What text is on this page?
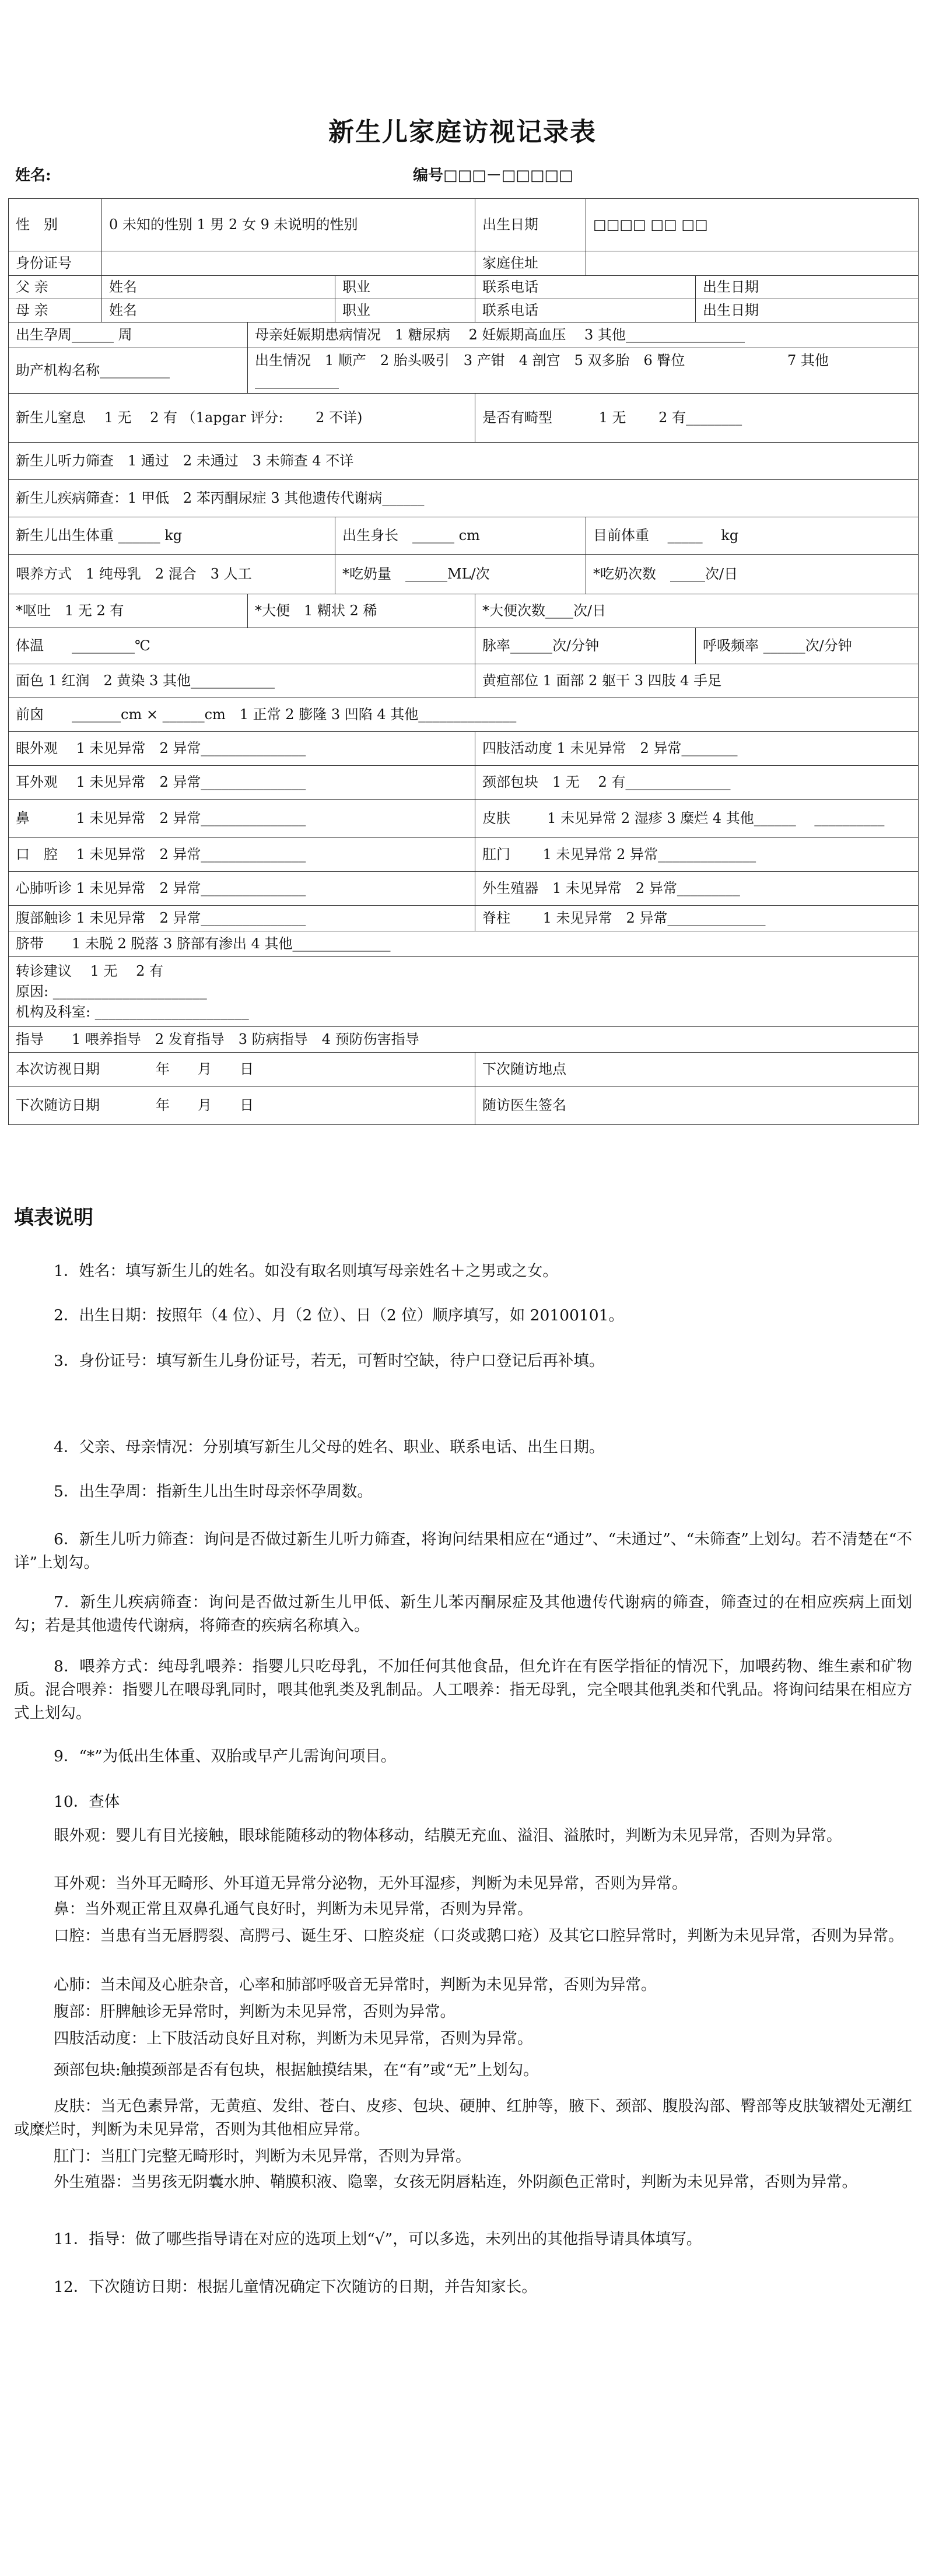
新生儿家庭访视记录表
姓名:	编号□□□－□□□□□
性　别	0 未知的性别 1 男 2 女 9 未说明的性别			出生日期	□□□□ □□ □□	
身份证号				家庭住址		
父 亲	姓名		职业	联系电话		出生日期
母 亲	姓名		职业	联系电话		出生日期
出生孕周______ 周		母亲妊娠期患病情况　1 糖尿病　 2 妊娠期高血压　 3 其他_________________				
助产机构名称__________		出生情况　1 顺产　2 胎头吸引　3 产钳　4 剖宫　5 双多胎　6 臀位 　　　　　　　7 其他____________				
新生儿窒息 　1 无 　2 有 （1apgar 评分: 　　2 不详)				是否有畸型　 　　1 无 　　2 有________		
新生儿听力筛查　1 通过　2 未通过　3 未筛查 4 不详						
新生儿疾病筛查：1 甲低　2 苯丙酮尿症 3 其他遗传代谢病______						
新生儿出生体重 ______ kg			出生身长　______ cm		目前体重 　_____　 kg	
喂养方式　1 纯母乳　2 混合　3 人工			*吃奶量　______ML/次		*吃奶次数　_____次/日	
*呕吐　1 无 2 有		*大便　1 糊状 2 稀		*大便次数____次/日		
体温　　_________℃				脉率______次/分钟		呼吸频率 ______次/分钟
面色 1 红润　2 黄染 3 其他____________				黄疸部位 1 面部 2 躯干 3 四肢 4 手足		
前囟　　_______cm × ______cm　1 正常 2 膨隆 3 凹陷 4 其他______________						
眼外观　 1 未见异常　2 异常_______________				四肢活动度 1 未见异常　2 异常________		
耳外观　 1 未见异常　2 异常_______________				颈部包块　1 无　 2 有_______________		
鼻　　　 1 未见异常　2 异常_______________				皮肤 　　 1 未见异常 2 湿疹 3 糜烂 4 其他______ 　__________		
口　腔　 1 未见异常　2 异常_______________				肛门　　 1 未见异常 2 异常______________		
心肺听诊 1 未见异常　2 异常_______________				外生殖器　1 未见异常　2 异常_________		
腹部触诊 1 未见异常　2 异常_______________				脊柱　　 1 未见异常　2 异常______________		
脐带　　1 未脱 2 脱落 3 脐部有渗出 4 其他______________						

转诊建议　 1 无　 2 有
原因: ______________________
机构及科室: ______________________						

指导　　1 喂养指导　2 发育指导　3 防病指导　4 预防伤害指导						
本次访视日期　　　　年　　月　　日				下次随访地点		
下次随访日期　　　　年　　月　　日				随访医生签名		
填表说明
1．姓名：填写新生儿的姓名。如没有取名则填写母亲姓名＋之男或之女。
2．出生日期：按照年（4 位）、月（2 位）、日（2 位）顺序填写，如 20100101。
3．身份证号：填写新生儿身份证号，若无，可暂时空缺，待户口登记后再补填。
4．父亲、母亲情况：分别填写新生儿父母的姓名、职业、联系电话、出生日期。
5．出生孕周：指新生儿出生时母亲怀孕周数。
6．新生儿听力筛查：询问是否做过新生儿听力筛查，将询问结果相应在“通过”、“未通过”、“未筛查”上划勾。若不清楚在“不详”上划勾。
7．新生儿疾病筛查：询问是否做过新生儿甲低、新生儿苯丙酮尿症及其他遗传代谢病的筛查，筛查过的在相应疾病上面划勾；若是其他遗传代谢病，将筛查的疾病名称填入。
8．喂养方式：纯母乳喂养：指婴儿只吃母乳，不加任何其他食品，但允许在有医学指征的情况下，加喂药物、维生素和矿物质。混合喂养：指婴儿在喂母乳同时，喂其他乳类及乳制品。人工喂养：指无母乳，完全喂其他乳类和代乳品。将询问结果在相应方式上划勾。
9．“*”为低出生体重、双胎或早产儿需询问项目。
10．查体
眼外观：婴儿有目光接触，眼球能随移动的物体移动，结膜无充血、溢泪、溢脓时，判断为未见异常，否则为异常。
耳外观：当外耳无畸形、外耳道无异常分泌物，无外耳湿疹，判断为未见异常，否则为异常。
鼻：当外观正常且双鼻孔通气良好时，判断为未见异常，否则为异常。
口腔：当患有当无唇腭裂、高腭弓、诞生牙、口腔炎症（口炎或鹅口疮）及其它口腔异常时，判断为未见异常，否则为异常。
心肺：当未闻及心脏杂音，心率和肺部呼吸音无异常时，判断为未见异常，否则为异常。
腹部：肝脾触诊无异常时，判断为未见异常，否则为异常。
四肢活动度：上下肢活动良好且对称，判断为未见异常，否则为异常。
颈部包块:触摸颈部是否有包块，根据触摸结果，在“有”或“无”上划勾。
皮肤：当无色素异常，无黄疸、发绀、苍白、皮疹、包块、硬肿、红肿等，腋下、颈部、腹股沟部、臀部等皮肤皱褶处无潮红或糜烂时，判断为未见异常，否则为其他相应异常。
肛门：当肛门完整无畸形时，判断为未见异常，否则为异常。
外生殖器：当男孩无阴囊水肿、鞘膜积液、隐睾，女孩无阴唇粘连，外阴颜色正常时，判断为未见异常，否则为异常。
11．指导：做了哪些指导请在对应的选项上划“√”，可以多选，未列出的其他指导请具体填写。
12．下次随访日期：根据儿童情况确定下次随访的日期，并告知家长。
